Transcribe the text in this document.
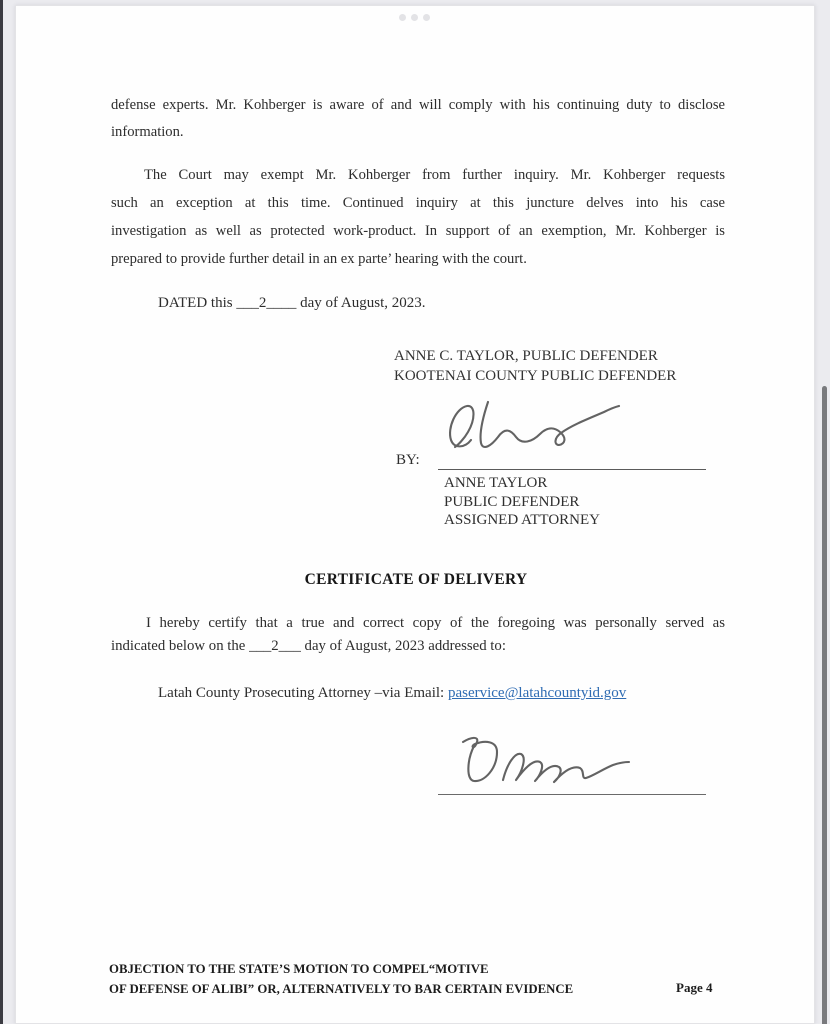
defense experts. Mr. Kohberger is aware of and will comply with his continuing duty to disclose
information.
The Court may exempt Mr. Kohberger from further inquiry. Mr. Kohberger requests
such an exception at this time. Continued inquiry at this juncture delves into his case
investigation as well as protected work-product. In support of an exemption, Mr. Kohberger is
prepared to provide further detail in an ex parte’ hearing with the court.
DATED this ___2____ day of August, 2023.
ANNE C. TAYLOR, PUBLIC DEFENDER
KOOTENAI COUNTY PUBLIC DEFENDER
BY:
ANNE TAYLOR
PUBLIC DEFENDER
ASSIGNED ATTORNEY
CERTIFICATE OF DELIVERY
I hereby certify that a true and correct copy of the foregoing was personally served as
indicated below on the ___2___ day of August, 2023 addressed to:
Latah County Prosecuting Attorney –via Email: paservice@latahcountyid.gov
OBJECTION TO THE STATE’S MOTION TO COMPEL“MOTIVE
OF DEFENSE OF ALIBI” OR, ALTERNATIVELY TO BAR CERTAIN EVIDENCE	Page 4
